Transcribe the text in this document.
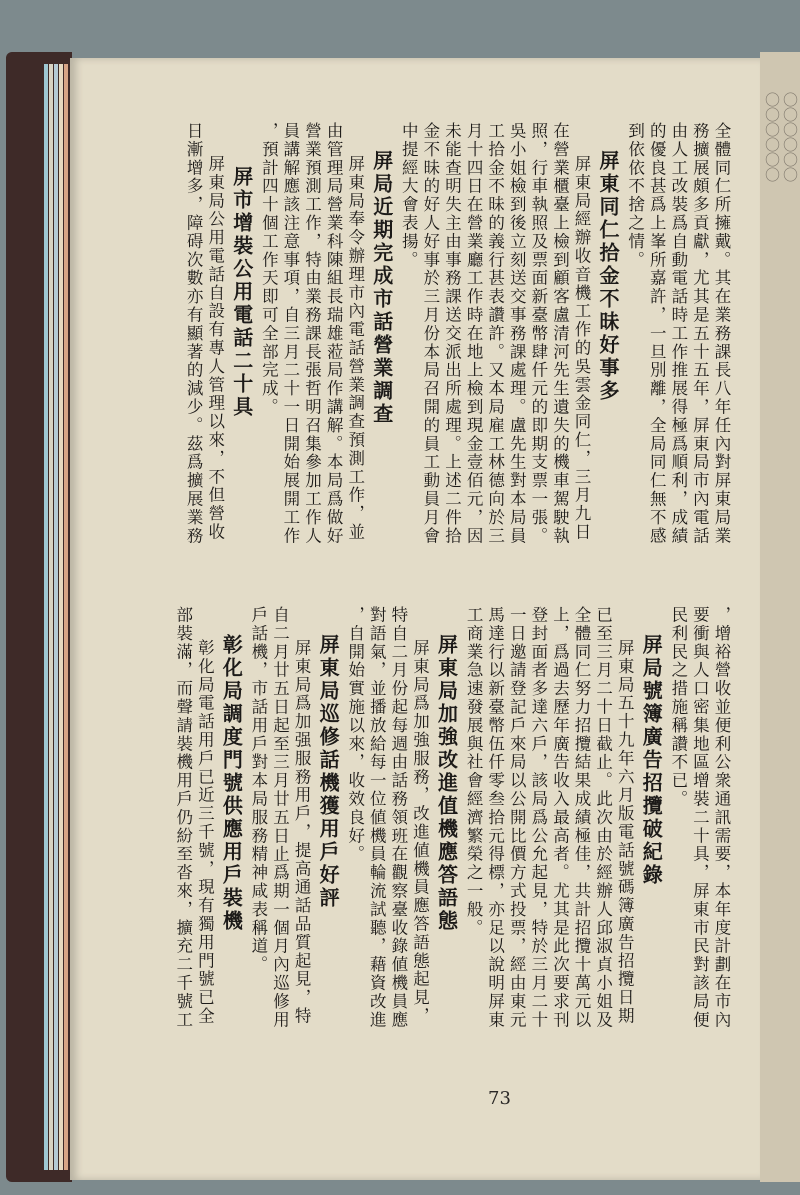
〇〇〇〇〇〇
〇〇〇〇〇〇

全體同仁所擁戴。其在業務課長八年任內對屏東局業

務擴展頗多貢獻，尤其是五十五年，屏東局市內電話

由人工改裝爲自動電話時工作推展得極爲順利，成績

的優良甚爲上峯所嘉許，一旦別離，全局同仁無不感

到依依不捨之情。

屏東同仁拾金不昧好事多

屏東局經辦收音機工作的吳雲金同仁，三月九日

在營業櫃臺上檢到顧客盧清河先生遺失的機車駕駛執

照，行車執照及票面新臺幣肆仟元的即期支票一張。

吳小姐檢到後立刻送交事務課處理。盧先生對本局員

工拾金不昧的義行甚表讚許。又本局雇工林德向於三

月十四日在營業廳工作時在地上檢到現金壹佰元，因

未能查明失主由事務課送交派出所處理。上述二件拾

金不昧的好人好事於三月份本局召開的員工動員月會

中提經大會表揚。

屏局近期完成市話營業調查

屏東局奉令辦理市內電話營業調查預測工作，並

由管理局營業科陳組長瑞雄蒞局作講解。本局爲做好

營業預測工作，特由業務課長張哲明召集參加工作人

員講解應該注意事項，自三月二十一日開始展開工作

，預計四十個工作天即可全部完成。

屏市增裝公用電話二十具

屏東局公用電話自設有專人管理以來，不但營收

日漸增多，障碍次數亦有顯著的減少。茲爲擴展業務

，增裕營收並便利公衆通訊需要，本年度計劃在市內

要衝與人口密集地區增裝二十具，屏東市民對該局便

民利民之措施稱讚不已。

屏局號簿廣告招攬破紀錄

屏東局五十九年六月版電話號碼簿廣告招攬日期

已至三月二十日截止。此次由於經辦人邱淑貞小姐及

全體同仁努力招攬結果成績極佳，共計招攬十萬元以

上，爲過去歷年廣告收入最高者。尤其是此次要求刊

登封面者多達六戶，該局爲公允起見，特於三月二十

一日邀請登記戶來局以公開比價方式投票，經由東元

馬達行以新臺幣伍仟零叁拾元得標，亦足以說明屏東

工商業急速發展與社會經濟繁榮之一般。

屏東局加強改進值機應答語態

屏東局爲加強服務，改進値機員應答語態起見，

特自二月份起每週由話務領班在觀察臺收錄値機員應

對語氣，並播放給每一位値機員輪流試聽，藉資改進

，自開始實施以來，收效良好。

屏東局巡修話機獲用戶好評

屏東局爲加强服務用戶，提高通話品質起見，特

自二月廿五日起至三月廿五日止爲期一個月內巡修用

戶話機，市話用戶對本局服務精神咸表稱道。

彰化局調度門號供應用戶裝機

彰化局電話用戶已近三千號，現有獨用門號已全

部裝滿，而聲請裝機用戶仍紛至沓來，擴充二千號工

73
